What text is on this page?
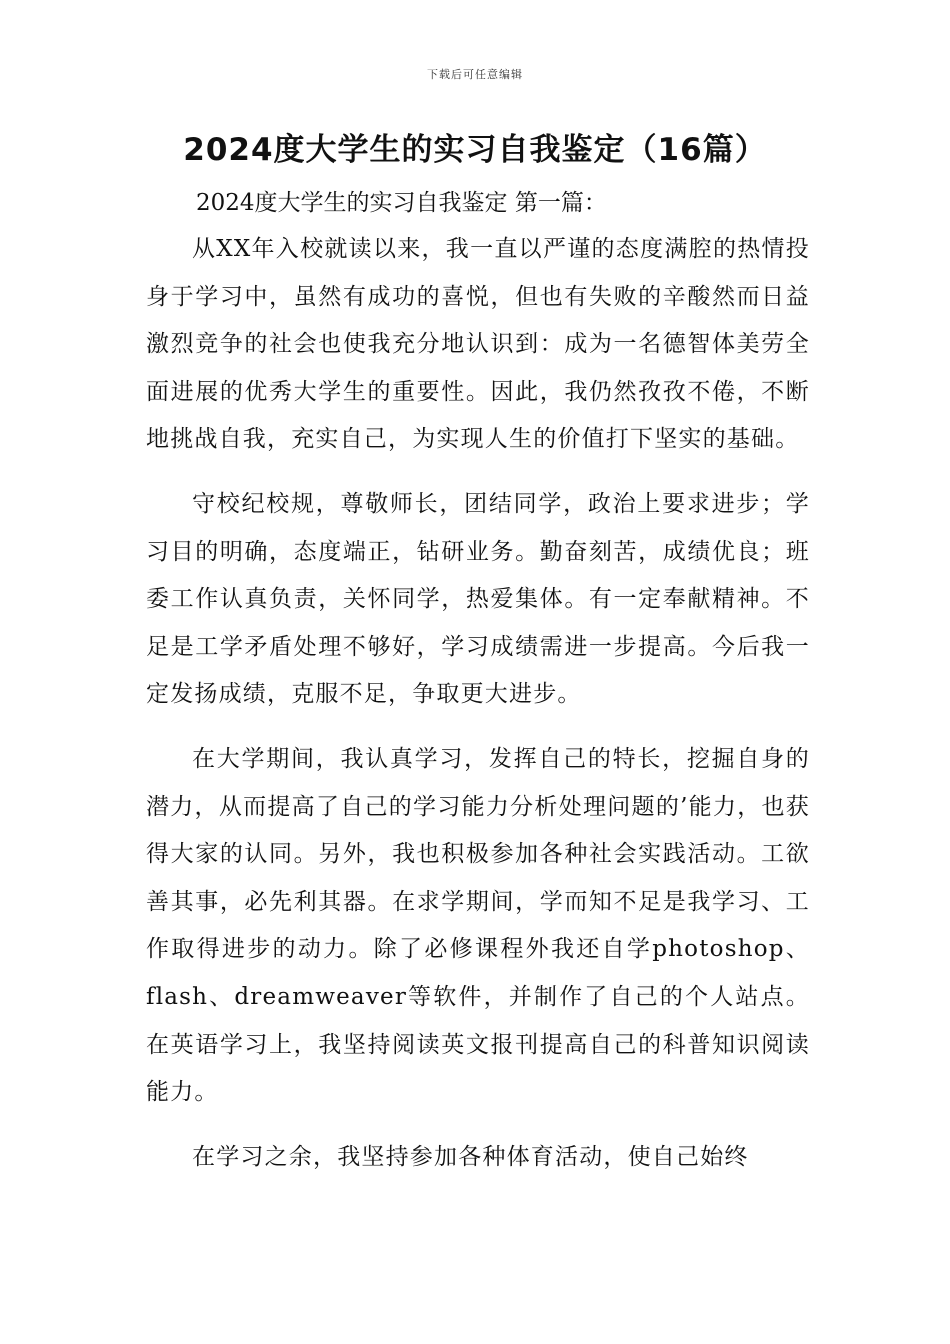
下载后可任意编辑
2024度大学生的实习自我鉴定（16篇）

2024度大学生的实习自我鉴定 第一篇：

从XX年入校就读以来，我一直以严谨的态度满腔的热情投身于学习中，虽然有成功的喜悦，但也有失败的辛酸然而日益激烈竞争的社会也使我充分地认识到：成为一名德智体美劳全面进展的优秀大学生的重要性。因此，我仍然孜孜不倦，不断地挑战自我，充实自己，为实现人生的价值打下坚实的基础。

守校纪校规，尊敬师长，团结同学，政治上要求进步；学习目的明确，态度端正，钻研业务。勤奋刻苦，成绩优良；班委工作认真负责，关怀同学，热爱集体。有一定奉献精神。不足是工学矛盾处理不够好，学习成绩需进一步提高。今后我一定发扬成绩，克服不足，争取更大进步。

在大学期间，我认真学习，发挥自己的特长，挖掘自身的潜力，从而提高了自己的学习能力分析处理问题的’能力，也获得大家的认同。另外，我也积极参加各种社会实践活动。工欲善其事，必先利其器。在求学期间，学而知不足是我学习、工作取得进步的动力。除了必修课程外我还自学photoshop、flash、dreamweaver等软件，并制作了自己的个人站点。在英语学习上，我坚持阅读英文报刊提高自己的科普知识阅读能力。

在学习之余，我坚持参加各种体育活动，使自己始终
